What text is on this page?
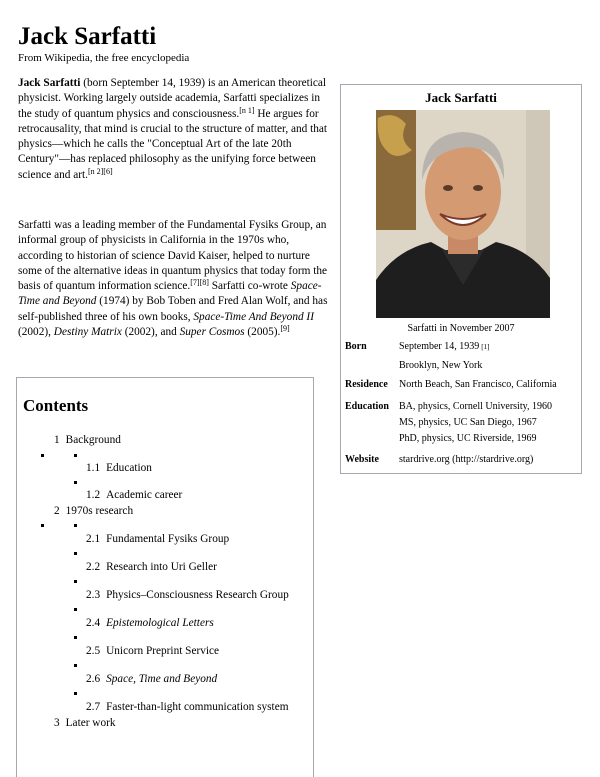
Jack Sarfatti
From Wikipedia, the free encyclopedia

Jack Sarfatti (born September 14, 1939) is an American theoretical physicist. Working largely outside academia, Sarfatti specializes in the study of quantum physics and consciousness.[n 1] He argues for retrocausality, that mind is crucial to the structure of matter, and that physics—which he calls the "Conceptual Art of the late 20th Century"—has replaced philosophy as the unifying force between science and art.[n 2][6]

Sarfatti was a leading member of the Fundamental Fysiks Group, an informal group of physicists in California in the 1970s who, according to historian of science David Kaiser, helped to nurture some of the alternative ideas in quantum physics that today form the basis of quantum information science.[7][8] Sarfatti co-wrote Space-Time and Beyond (1974) by Bob Toben and Fred Alan Wolf, and has self-published three of his own books, Space-Time And Beyond II (2002), Destiny Matrix (2002), and Super Cosmos (2005).[9]

Contents
1 Background
1.1 Education
1.2 Academic career
2 1970s research
2.1 Fundamental Fysiks Group
2.2 Research into Uri Geller
2.3 Physics–Consciousness Research Group
2.4 Epistemological Letters
2.5 Unicorn Preprint Service
2.6 Space, Time and Beyond
2.7 Faster-than-light communication system
3 Later work
Jack Sarfatti
Sarfatti in November 2007
Born	September 14, 1939 [1]
Brooklyn, New York
Residence North Beach, San Francisco, California
Education BA, physics, Cornell University, 1960
MS, physics, UC San Diego, 1967
PhD, physics, UC Riverside, 1969
Website stardrive.org (http://stardrive.org)
